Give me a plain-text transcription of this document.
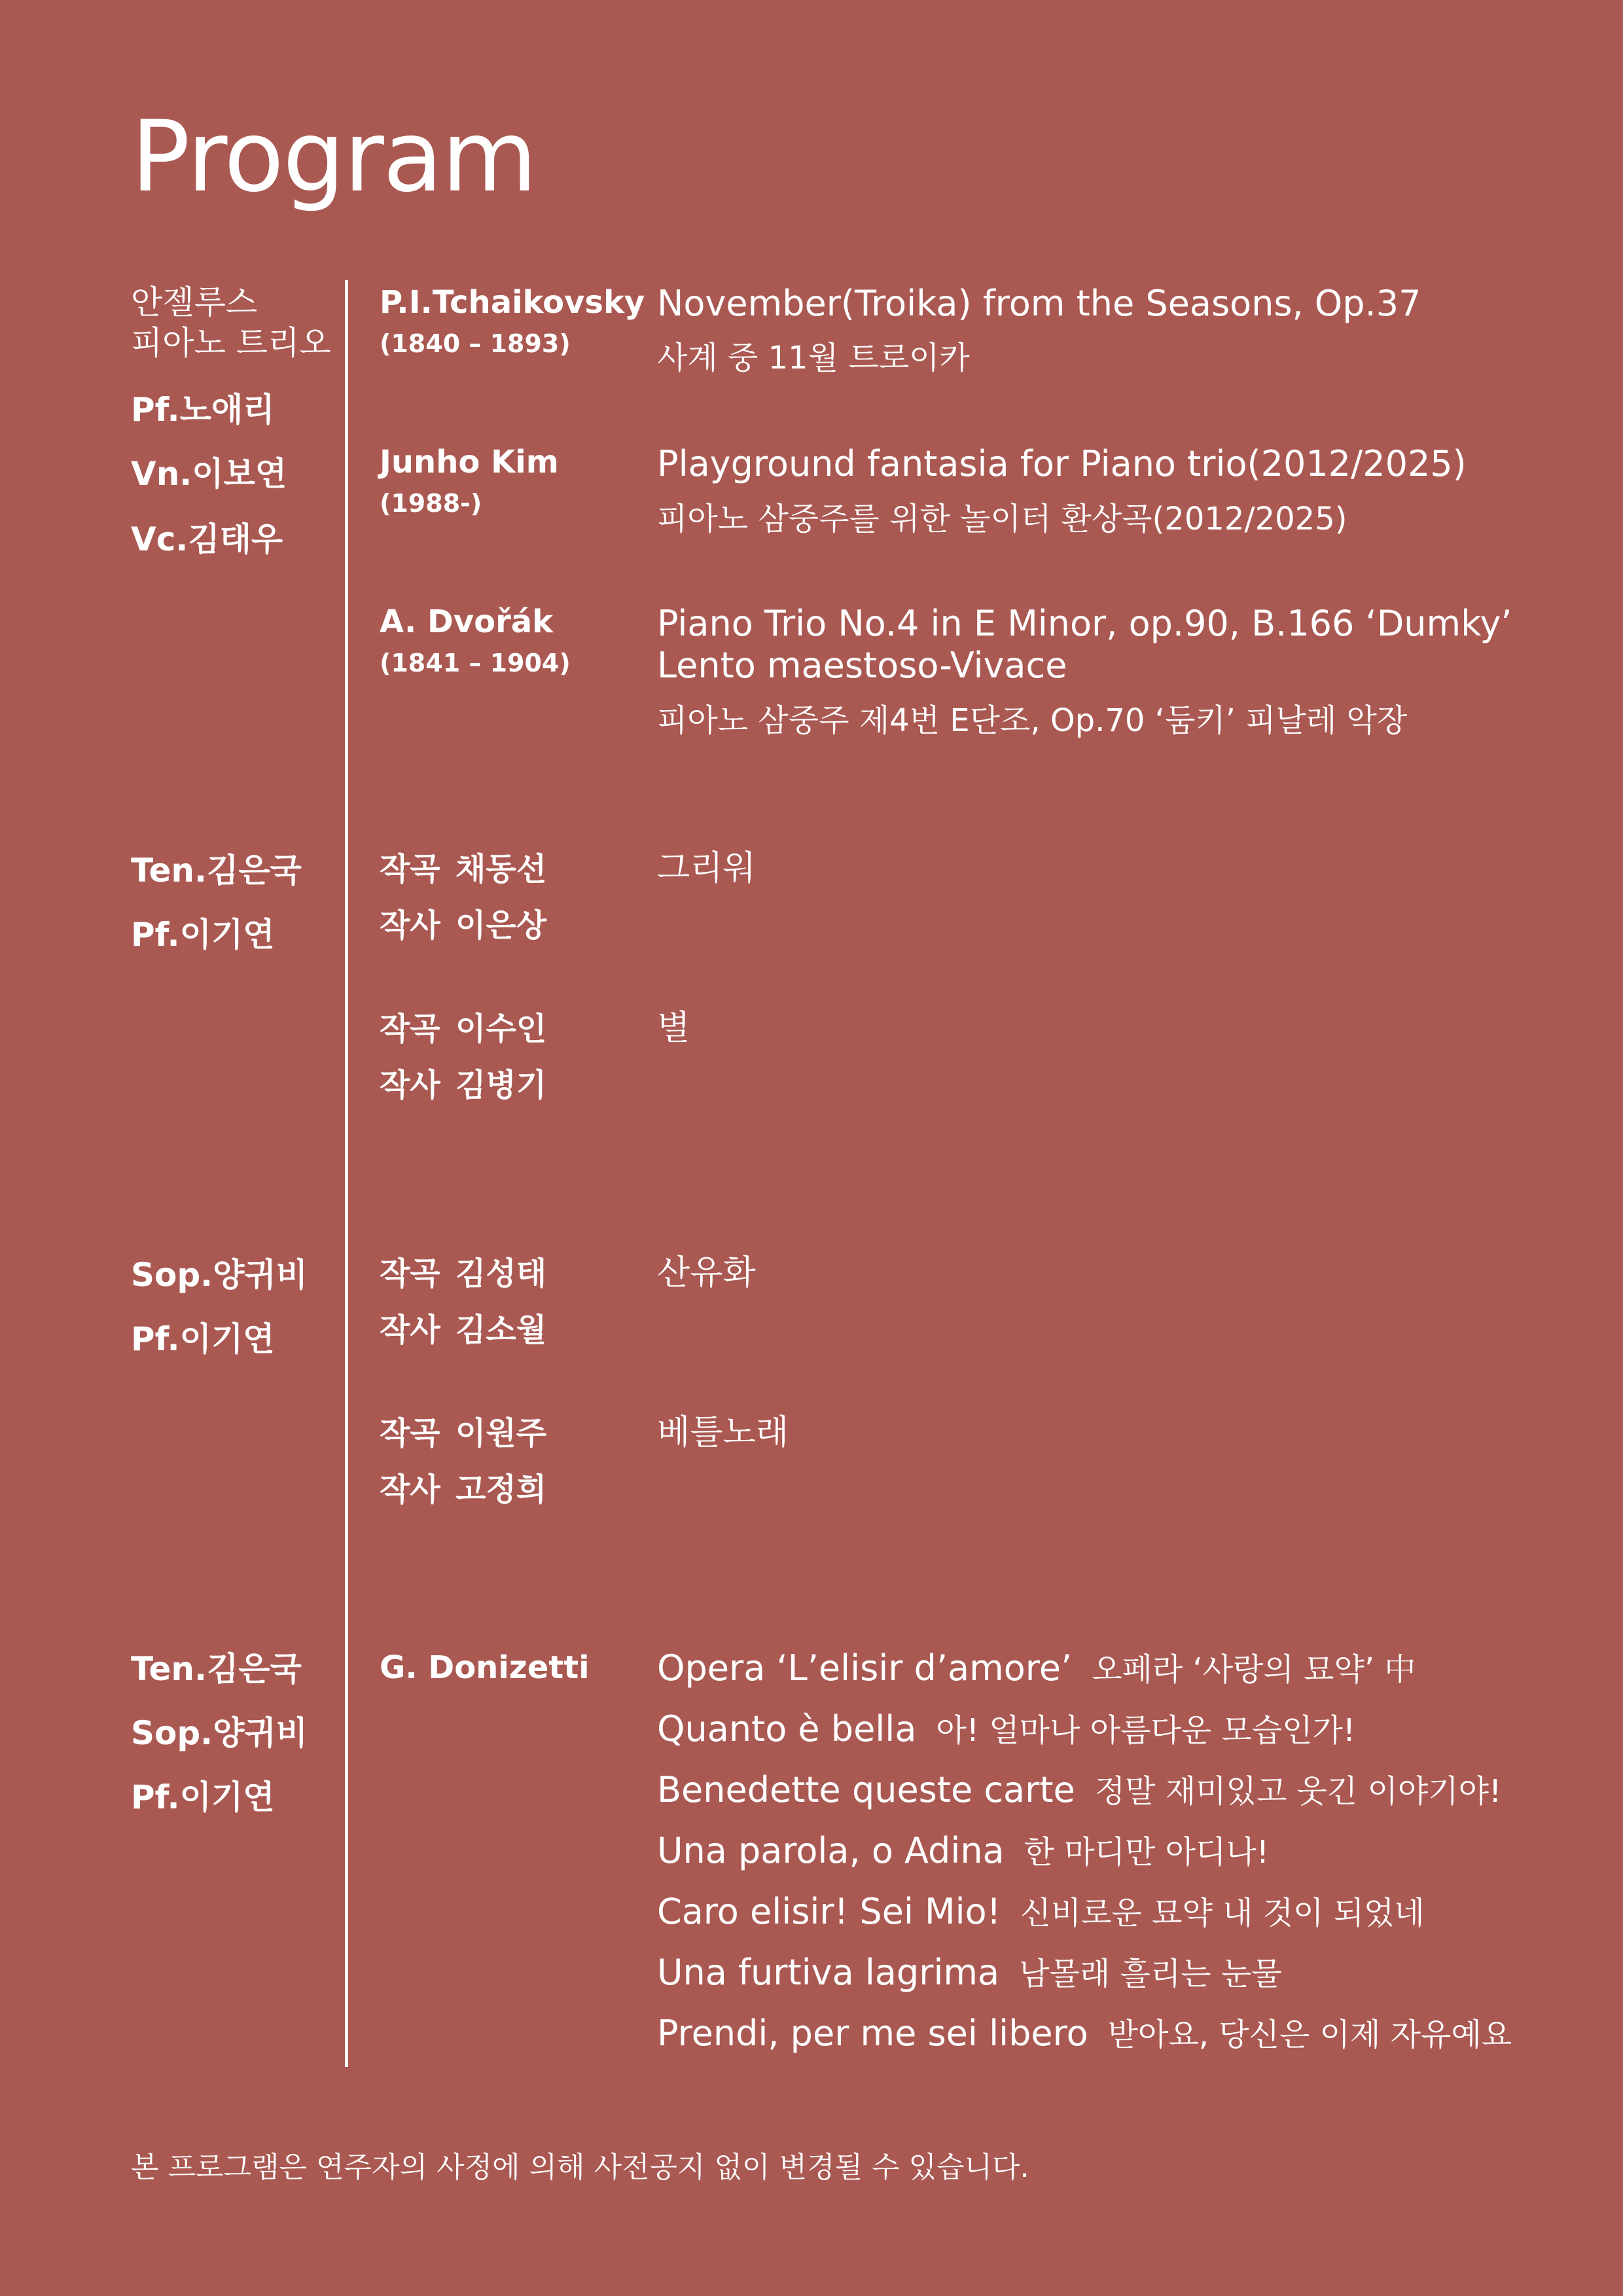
Program
안젤루스
피아노 트리오
Pf.노애리
Vn.이보연
Vc.김태우
P.I.Tchaikovsky
(1840 – 1893)
November(Troika) from the Seasons, Op.37
사계 중 11월 트로이카
Junho Kim
(1988-)
Playground fantasia for Piano trio(2012/2025)
피아노 삼중주를 위한 놀이터 환상곡(2012/2025)
A. Dvořák
(1841 – 1904)
Piano Trio No.4 in E Minor, op.90, B.166 ‘Dumky’
Lento maestoso-Vivace
피아노 삼중주 제4번 E단조, Op.70 ‘둠키’ 피날레 악장
Ten.김은국
Pf.이기연
작곡 채동선
작사 이은상
그리워
작곡 이수인
작사 김병기
별
Sop.양귀비
Pf.이기연
작곡 김성태
작사 김소월
산유화
작곡 이원주
작사 고정희
베틀노래
Ten.김은국
Sop.양귀비
Pf.이기연
G. Donizetti Opera ‘L’elisir d’amore’ 오페라 ‘사랑의 묘약’ 中
Quanto è bella 아! 얼마나 아름다운 모습인가!
Benedette queste carte 정말 재미있고 웃긴 이야기야!
Una parola, o Adina 한 마디만 아디나!
Caro elisir! Sei Mio! 신비로운 묘약 내 것이 되었네
Una furtiva lagrima 남몰래 흘리는 눈물
Prendi, per me sei libero 받아요, 당신은 이제 자유예요
본 프로그램은 연주자의 사정에 의해 사전공지 없이 변경될 수 있습니다.
